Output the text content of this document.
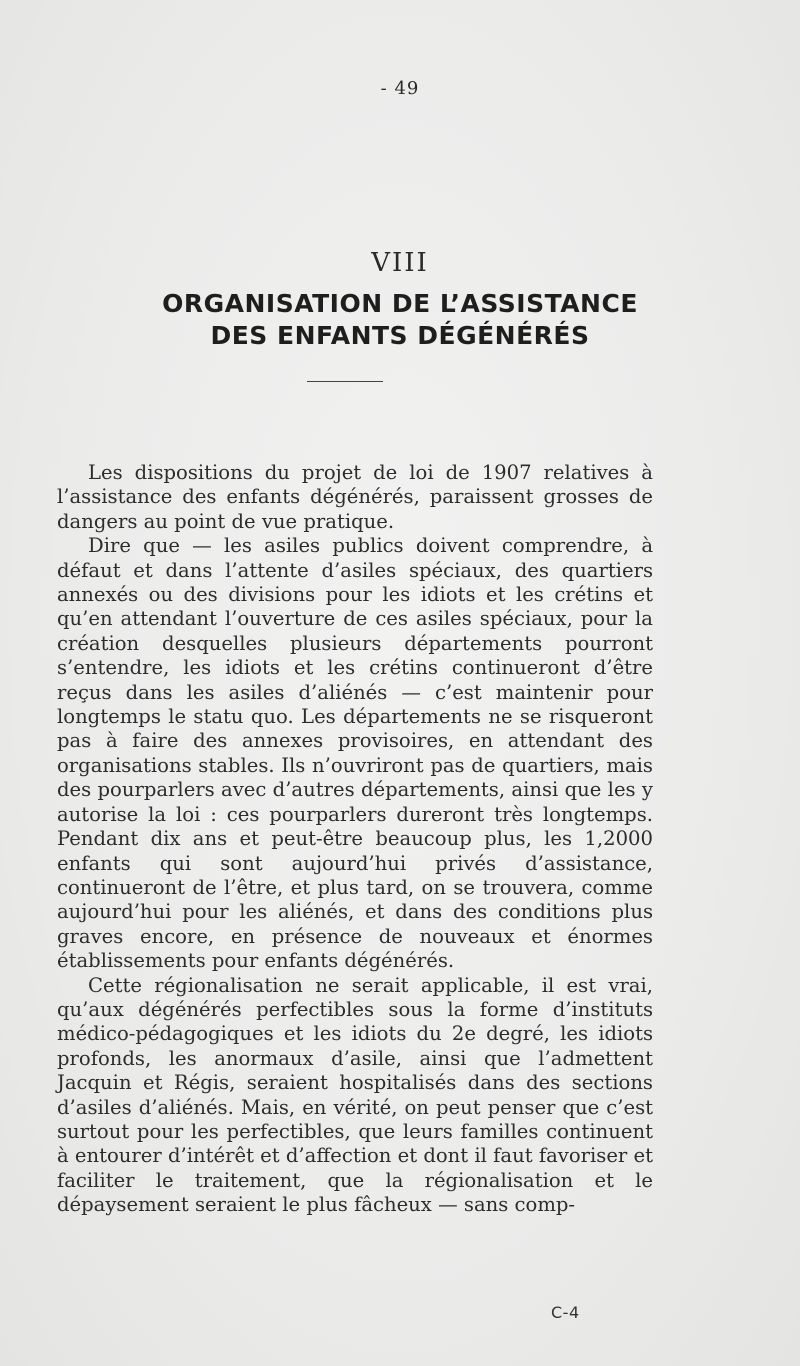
- 49
VIII
ORGANISATION DE L’ASSISTANCE
DES ENFANTS DÉGÉNÉRÉS

Les dispositions du projet de loi de 1907 relatives à l’assistance des enfants dégénérés, paraissent grosses de dangers au point de vue pratique.

Dire que — les asiles publics doivent comprendre, à défaut et dans l’attente d’asiles spéciaux, des quartiers annexés ou des divisions pour les idiots et les crétins et qu’en attendant l’ouverture de ces asiles spéciaux, pour la création desquelles plusieurs départements pourront s’entendre, les idiots et les crétins continueront d’être reçus dans les asiles d’aliénés — c’est maintenir pour longtemps le statu quo. Les départements ne se risqueront pas à faire des annexes provisoires, en attendant des organisations stables. Ils n’ouvriront pas de quartiers, mais des pourparlers avec d’autres départements, ainsi que les y autorise la loi : ces pourparlers dureront très longtemps. Pendant dix ans et peut-être beaucoup plus, les 1,2000 enfants qui sont aujourd’hui privés d’assistance, continueront de l’être, et plus tard, on se trouvera, comme aujourd’hui pour les aliénés, et dans des conditions plus graves encore, en présence de nouveaux et énormes établissements pour enfants dégénérés.

Cette régionalisation ne serait applicable, il est vrai, qu’aux dégénérés perfectibles sous la forme d’instituts médico-pédagogiques et les idiots du 2e degré, les idiots profonds, les anormaux d’asile, ainsi que l’admettent Jacquin et Régis, seraient hospitalisés dans des sections d’asiles d’aliénés. Mais, en vérité, on peut penser que c’est surtout pour les perfectibles, que leurs familles continuent à entourer d’intérêt et d’affection et dont il faut favoriser et faciliter le traitement, que la régionalisation et le dépaysement seraient le plus fâcheux — sans comp-

C-4
